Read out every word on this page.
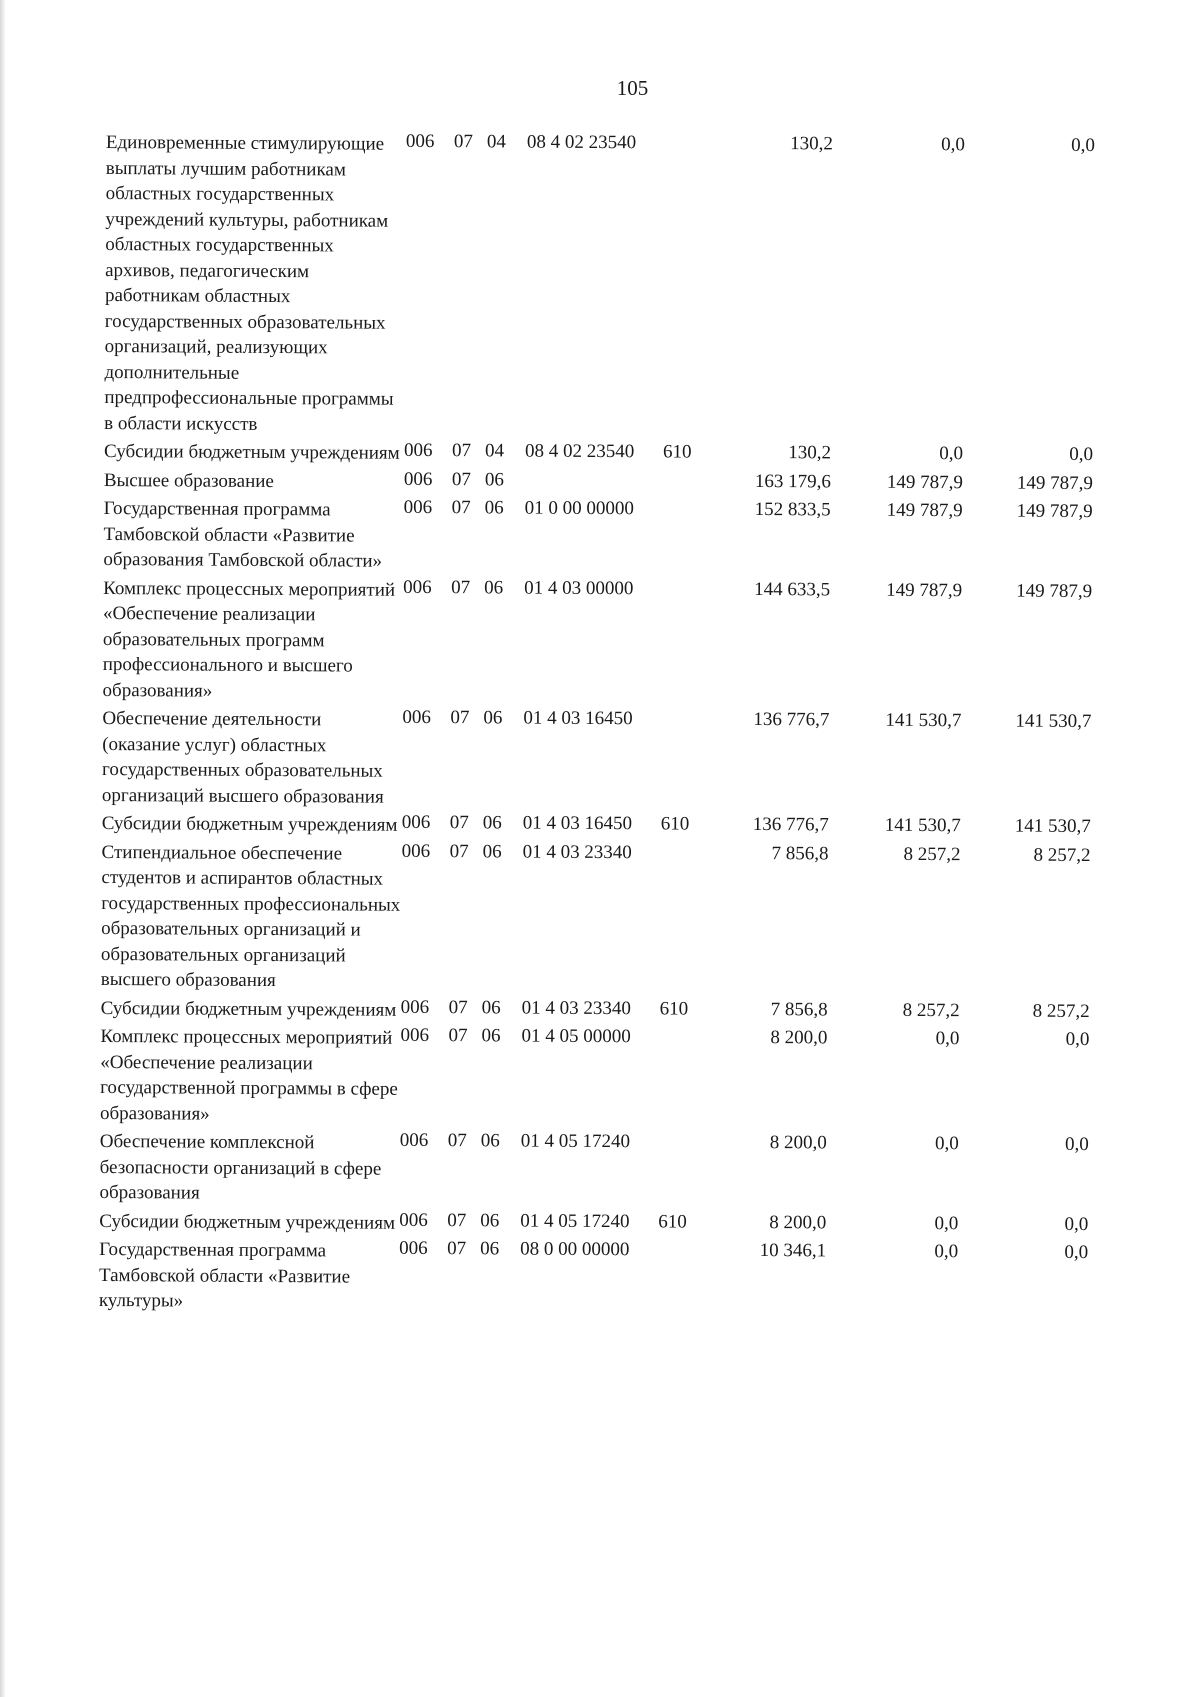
105
Единовременные стимулирующие выплаты лучшим работникам областных государственных учреждений культуры, работникам областных государственных архивов, педагогическим работникам областных государственных образовательных организаций, реализующих дополнительные предпрофессиональные программы в области искусств	006	07	04	08 4 02 23540		130,2	0,0	0,0
Субсидии бюджетным учреждениям	006	07	04	08 4 02 23540	610	130,2	0,0	0,0
Высшее образование	006	07	06			163 179,6	149 787,9	149 787,9
Государственная программа Тамбовской области «Развитие образования Тамбовской области»	006	07	06	01 0 00 00000		152 833,5	149 787,9	149 787,9
Комплекс процессных мероприятий «Обеспечение реализации образовательных программ профессионального и высшего образования»	006	07	06	01 4 03 00000		144 633,5	149 787,9	149 787,9
Обеспечение деятельности (оказание услуг) областных государственных образовательных организаций высшего образования	006	07	06	01 4 03 16450		136 776,7	141 530,7	141 530,7
Субсидии бюджетным учреждениям	006	07	06	01 4 03 16450	610	136 776,7	141 530,7	141 530,7
Стипендиальное обеспечение студентов и аспирантов областных государственных профессиональных образовательных организаций и образовательных организаций высшего образования	006	07	06	01 4 03 23340		7 856,8	8 257,2	8 257,2
Субсидии бюджетным учреждениям	006	07	06	01 4 03 23340	610	7 856,8	8 257,2	8 257,2
Комплекс процессных мероприятий «Обеспечение реализации государственной программы в сфере образования»	006	07	06	01 4 05 00000		8 200,0	0,0	0,0
Обеспечение комплексной безопасности организаций в сфере образования	006	07	06	01 4 05 17240		8 200,0	0,0	0,0
Субсидии бюджетным учреждениям	006	07	06	01 4 05 17240	610	8 200,0	0,0	0,0
Государственная программа Тамбовской области «Развитие культуры»	006	07	06	08 0 00 00000		10 346,1	0,0	0,0
